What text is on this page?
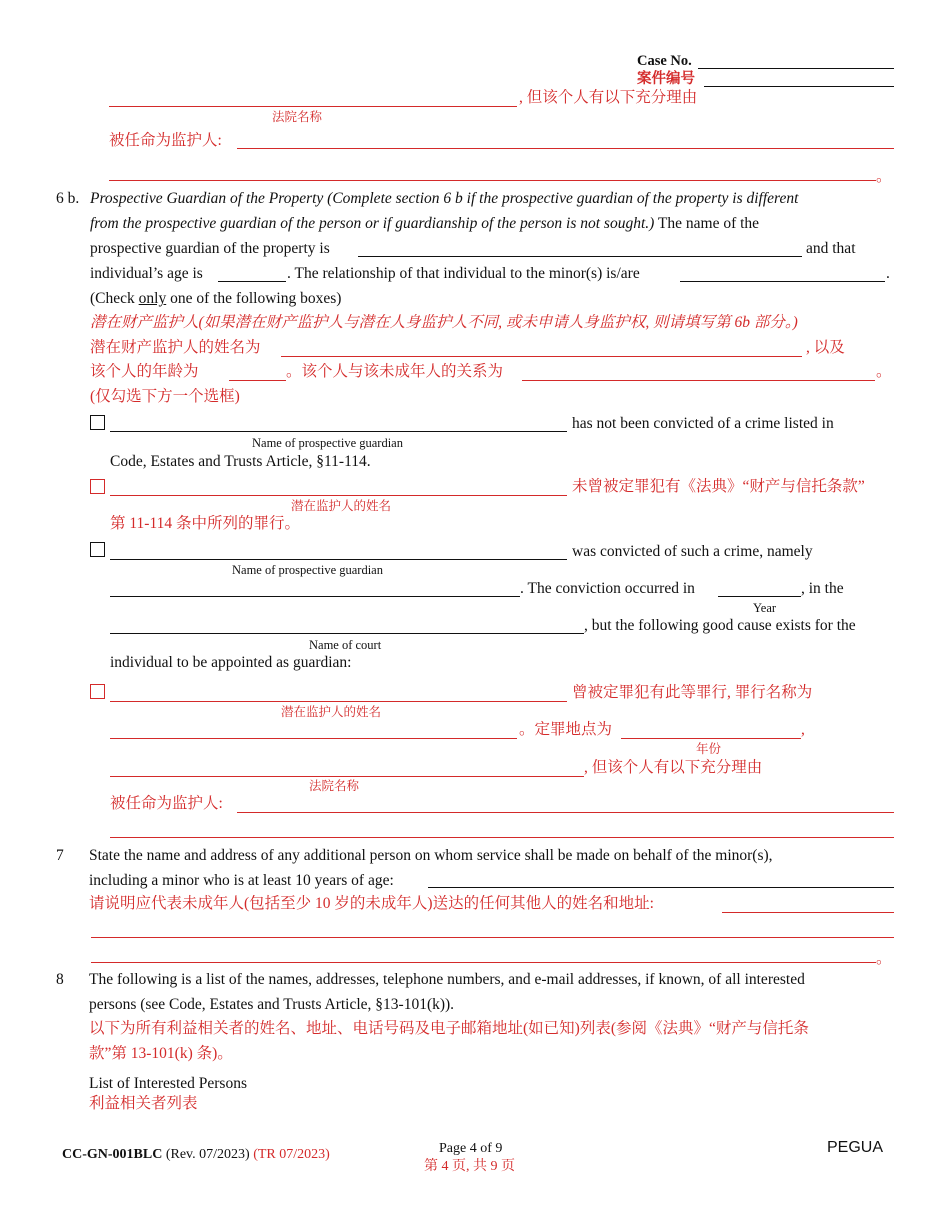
Case No.
案件编号
, 但该个人有以下充分理由
法院名称
被任命为监护人:
。
6 b. Prospective Guardian of the Property (Complete section 6 b if the prospective guardian of the property is different
from the prospective guardian of the person or if guardianship of the person is not sought.) The name of the
prospective guardian of the property is	and that
individual’s age is	. The relationship of that individual to the minor(s) is/are	.
(Check only one of the following boxes)
潜在财产监护人(如果潜在财产监护人与潜在人身监护人不同, 或未申请人身监护权, 则请填写第 6b 部分。)
潜在财产监护人的姓名为	, 以及
该个人的年龄为	。该个人与该未成年人的关系为	。
(仅勾选下方一个选框)
has not been convicted of a crime listed in
Name of prospective guardian
Code, Estates and Trusts Article, §11-114.
未曾被定罪犯有《法典》“财产与信托条款”
潜在监护人的姓名
第 11-114 条中所列的罪行。
was convicted of such a crime, namely
Name of prospective guardian
. The conviction occurred in	, in the
Year
, but the following good cause exists for the
Name of court
individual to be appointed as guardian:
曾被定罪犯有此等罪行, 罪行名称为
潜在监护人的姓名
。定罪地点为	,
年份
, 但该个人有以下充分理由
法院名称
被任命为监护人:
7 State the name and address of any additional person on whom service shall be made on behalf of the minor(s),
including a minor who is at least 10 years of age:
请说明应代表未成年人(包括至少 10 岁的未成年人)送达的任何其他人的姓名和地址:
。
8 The following is a list of the names, addresses, telephone numbers, and e-mail addresses, if known, of all interested
persons (see Code, Estates and Trusts Article, §13-101(k)).
以下为所有利益相关者的姓名、地址、电话号码及电子邮箱地址(如已知)列表(参阅《法典》“财产与信托条
款”第 13-101(k) 条)。
List of Interested Persons
利益相关者列表
CC-GN-001BLC (Rev. 07/2023) (TR 07/2023)	Page 4 of 9
第 4 页, 共 9 页
PEGUA
